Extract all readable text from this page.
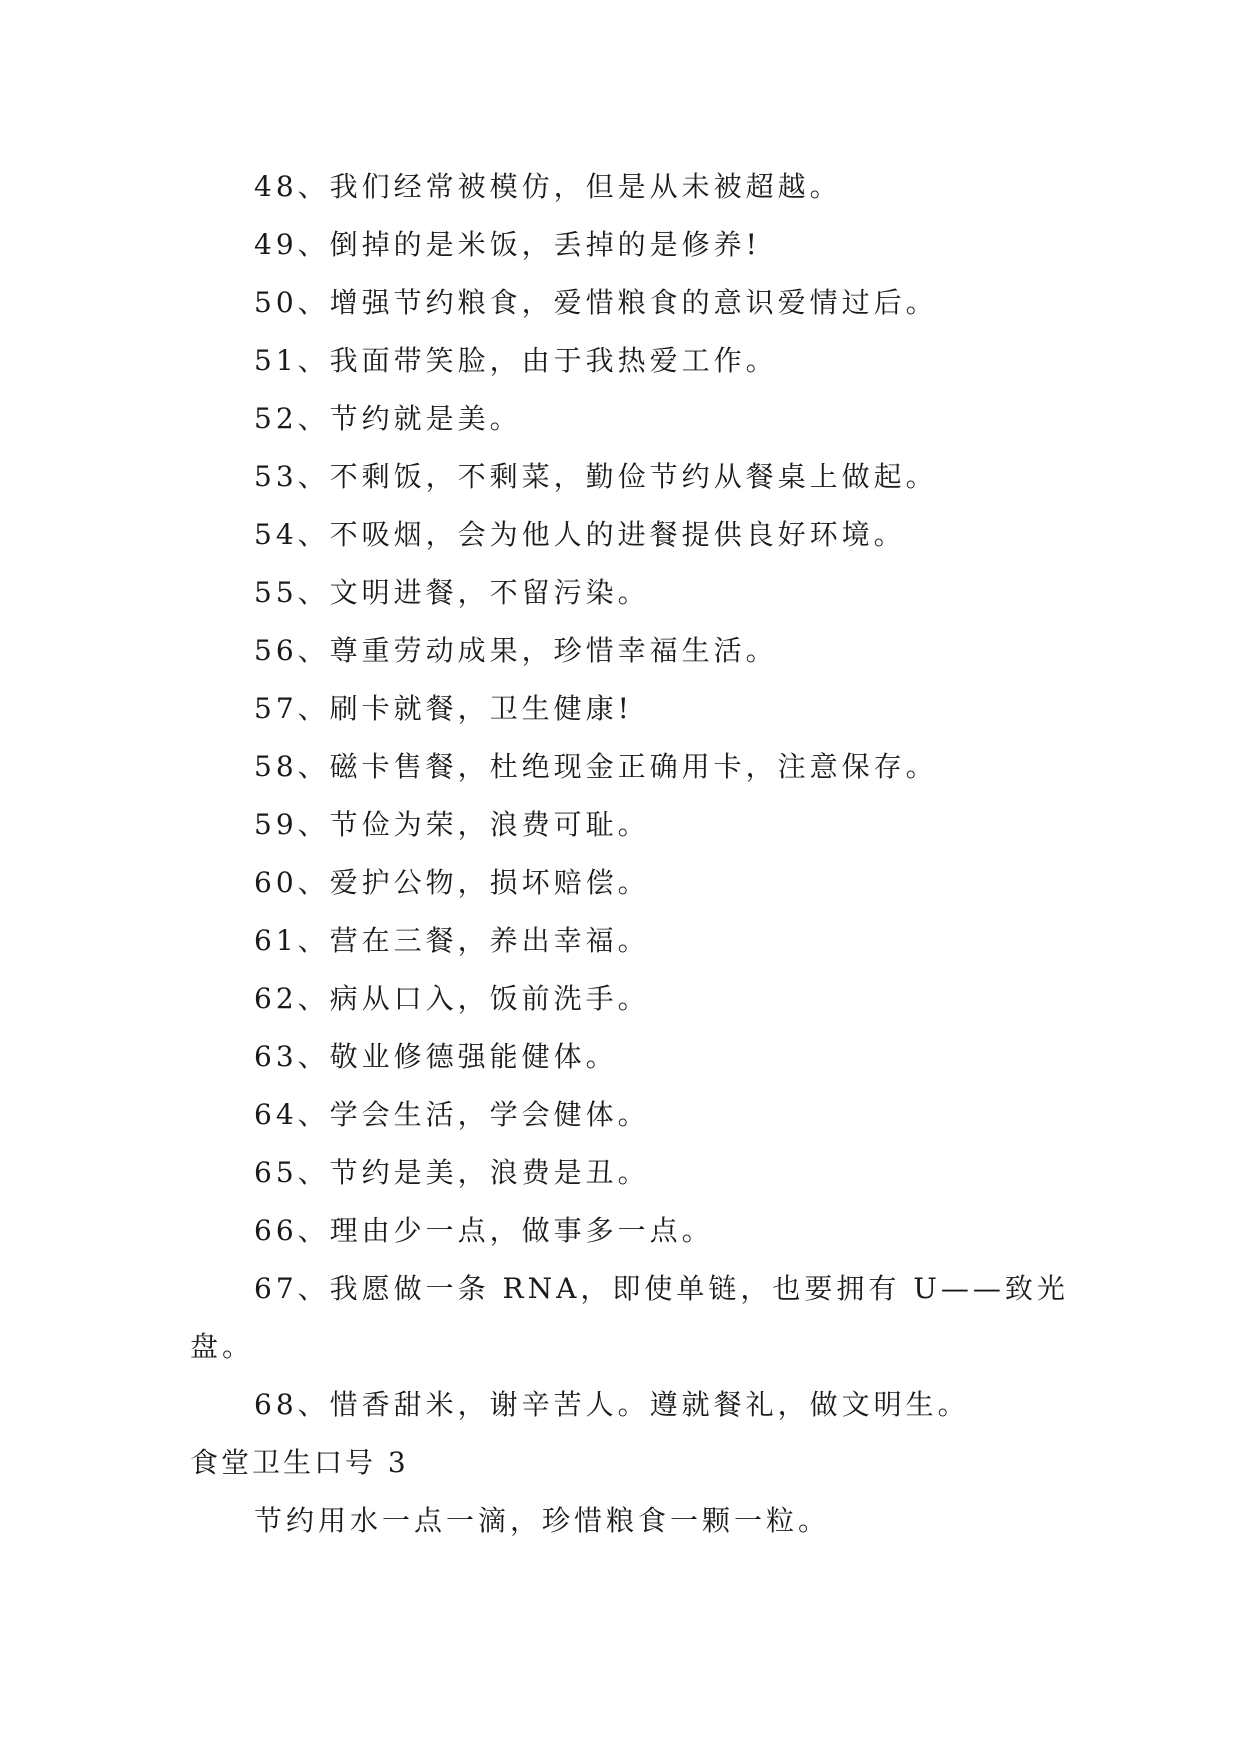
48、我们经常被模仿，但是从未被超越。
49、倒掉的是米饭，丢掉的是修养!
50、增强节约粮食，爱惜粮食的意识爱情过后。
51、我面带笑脸，由于我热爱工作。
52、节约就是美。
53、不剩饭，不剩菜，勤俭节约从餐桌上做起。
54、不吸烟，会为他人的进餐提供良好环境。
55、文明进餐，不留污染。
56、尊重劳动成果，珍惜幸福生活。
57、刷卡就餐，卫生健康!
58、磁卡售餐，杜绝现金正确用卡，注意保存。
59、节俭为荣，浪费可耻。
60、爱护公物，损坏赔偿。
61、营在三餐，养出幸福。
62、病从口入，饭前洗手。
63、敬业修德强能健体。
64、学会生活，学会健体。
65、节约是美，浪费是丑。
66、理由少一点，做事多一点。
67、我愿做一条 RNA，即使单链，也要拥有 U——致光
盘。
68、惜香甜米，谢辛苦人。遵就餐礼，做文明生。
食堂卫生口号 3
节约用水一点一滴，珍惜粮食一颗一粒。
